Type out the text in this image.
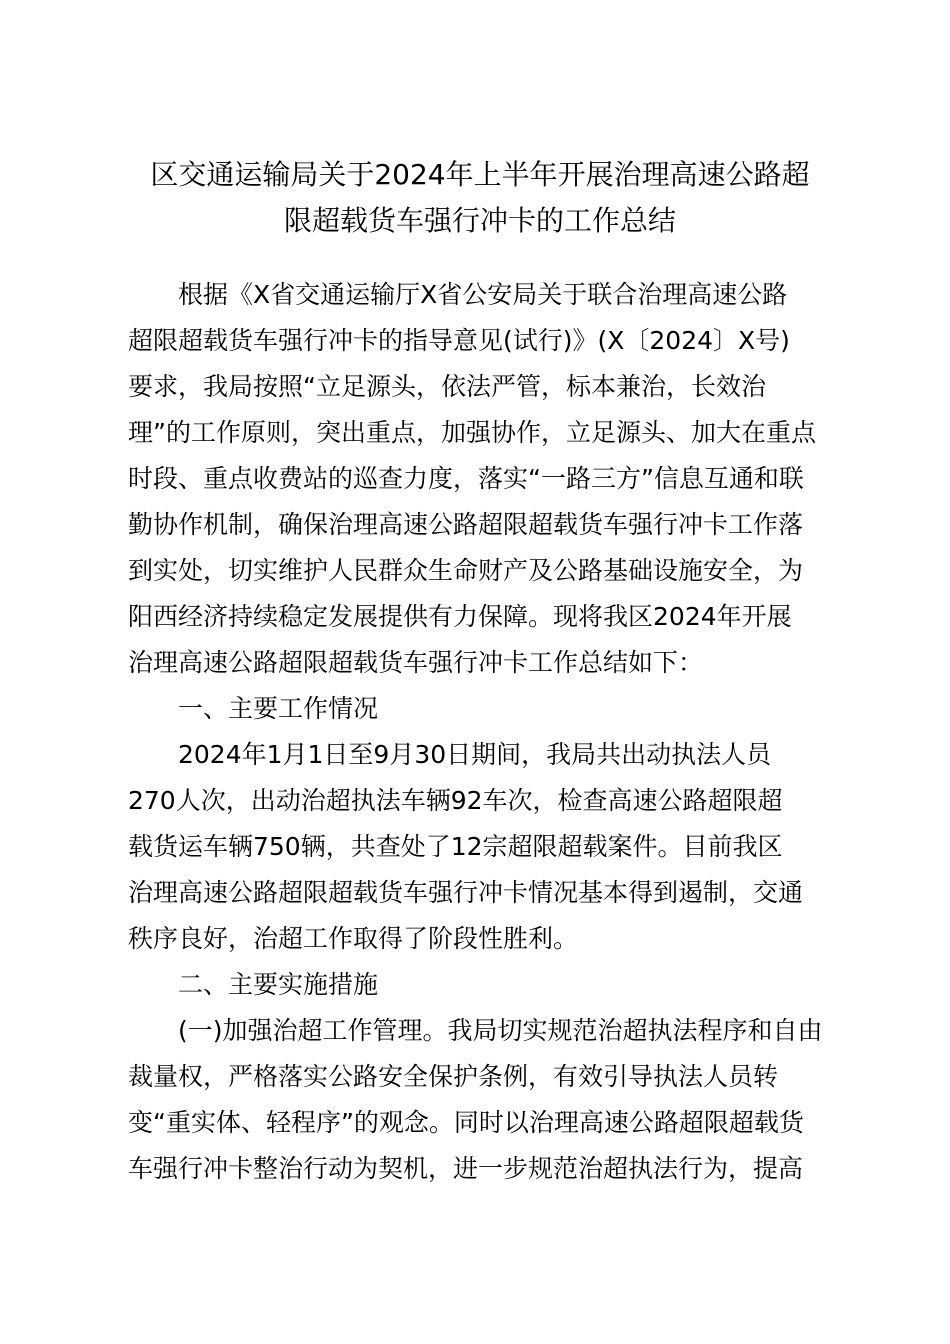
区交通运输局关于2024年上半年开展治理高速公路超
限超载货车强行冲卡的工作总结
根据《X省交通运输厅X省公安局关于联合治理高速公路
超限超载货车强行冲卡的指导意见(试行)》(X〔2024〕X号)
要求，我局按照“立足源头，依法严管，标本兼治，长效治
理”的工作原则，突出重点，加强协作，立足源头、加大在重点
时段、重点收费站的巡查力度，落实“一路三方”信息互通和联
勤协作机制，确保治理高速公路超限超载货车强行冲卡工作落
到实处，切实维护人民群众生命财产及公路基础设施安全，为
阳西经济持续稳定发展提供有力保障。现将我区2024年开展
治理高速公路超限超载货车强行冲卡工作总结如下：
一、主要工作情况
2024年1月1日至9月30日期间，我局共出动执法人员
270人次，出动治超执法车辆92车次，检查高速公路超限超
载货运车辆750辆，共查处了12宗超限超载案件。目前我区
治理高速公路超限超载货车强行冲卡情况基本得到遏制，交通
秩序良好，治超工作取得了阶段性胜利。
二、主要实施措施
(一)加强治超工作管理。我局切实规范治超执法程序和自由
裁量权，严格落实公路安全保护条例，有效引导执法人员转
变“重实体、轻程序”的观念。同时以治理高速公路超限超载货
车强行冲卡整治行动为契机，进一步规范治超执法行为，提高
